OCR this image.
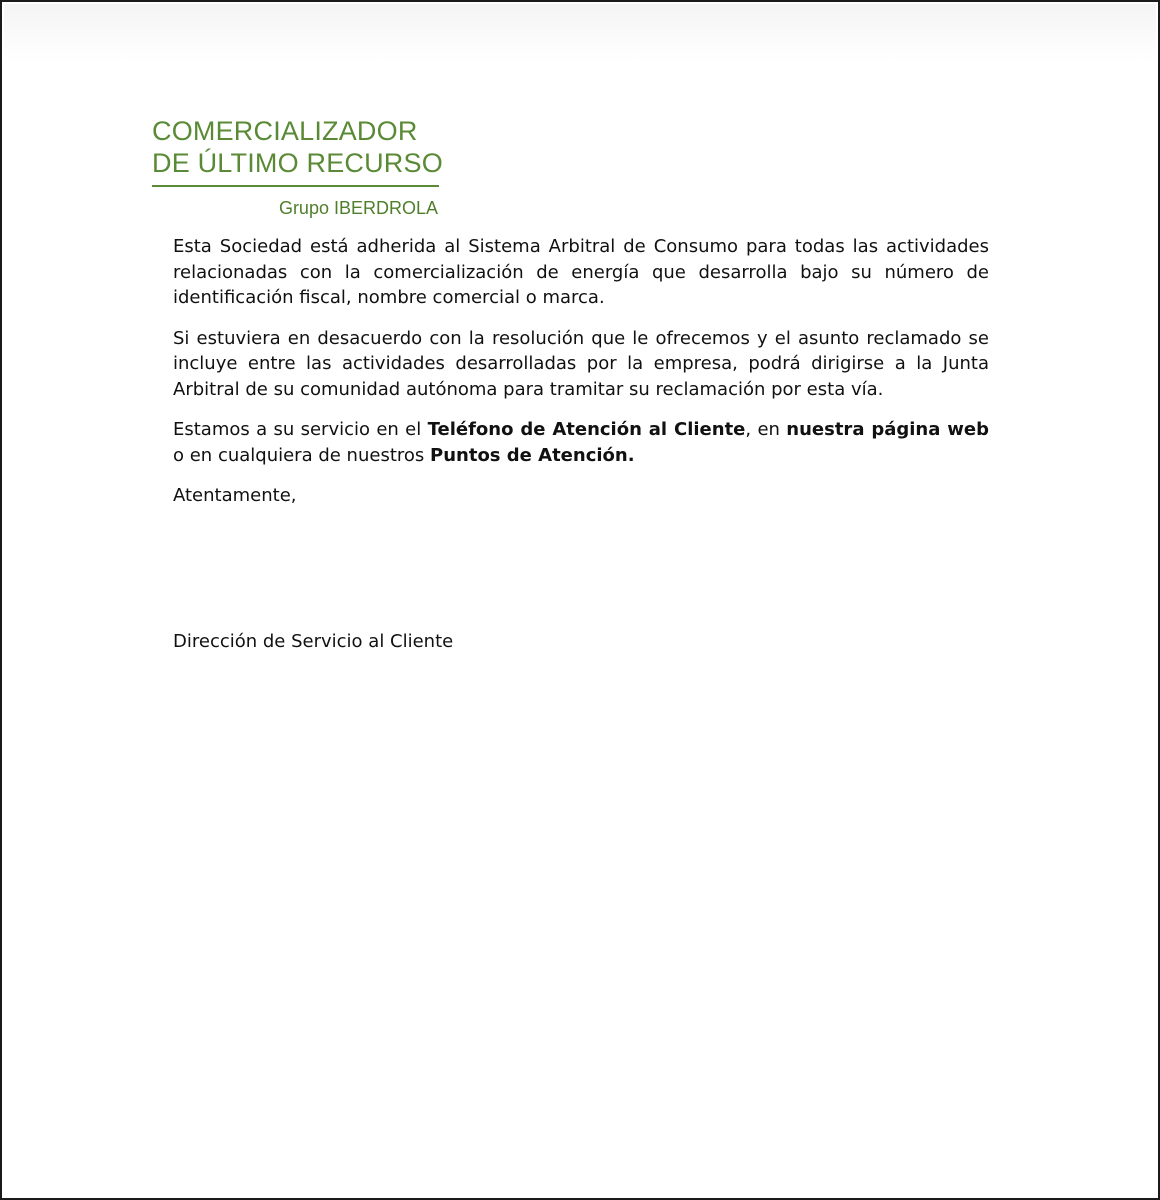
COMERCIALIZADOR
DE ÚLTIMO RECURSO
Grupo IBERDROLA

Esta Sociedad está adherida al Sistema Arbitral de Consumo para todas las actividades relacionadas con la comercialización de energía que desarrolla bajo su número de identificación fiscal, nombre comercial o marca.

Si estuviera en desacuerdo con la resolución que le ofrecemos y el asunto reclamado se incluye entre las actividades desarrolladas por la empresa, podrá dirigirse a la Junta Arbitral de su comunidad autónoma para tramitar su reclamación por esta vía.

Estamos a su servicio en el Teléfono de Atención al Cliente, en nuestra página web o en cualquiera de nuestros Puntos de Atención.

Atentamente,
Dirección de Servicio al Cliente
